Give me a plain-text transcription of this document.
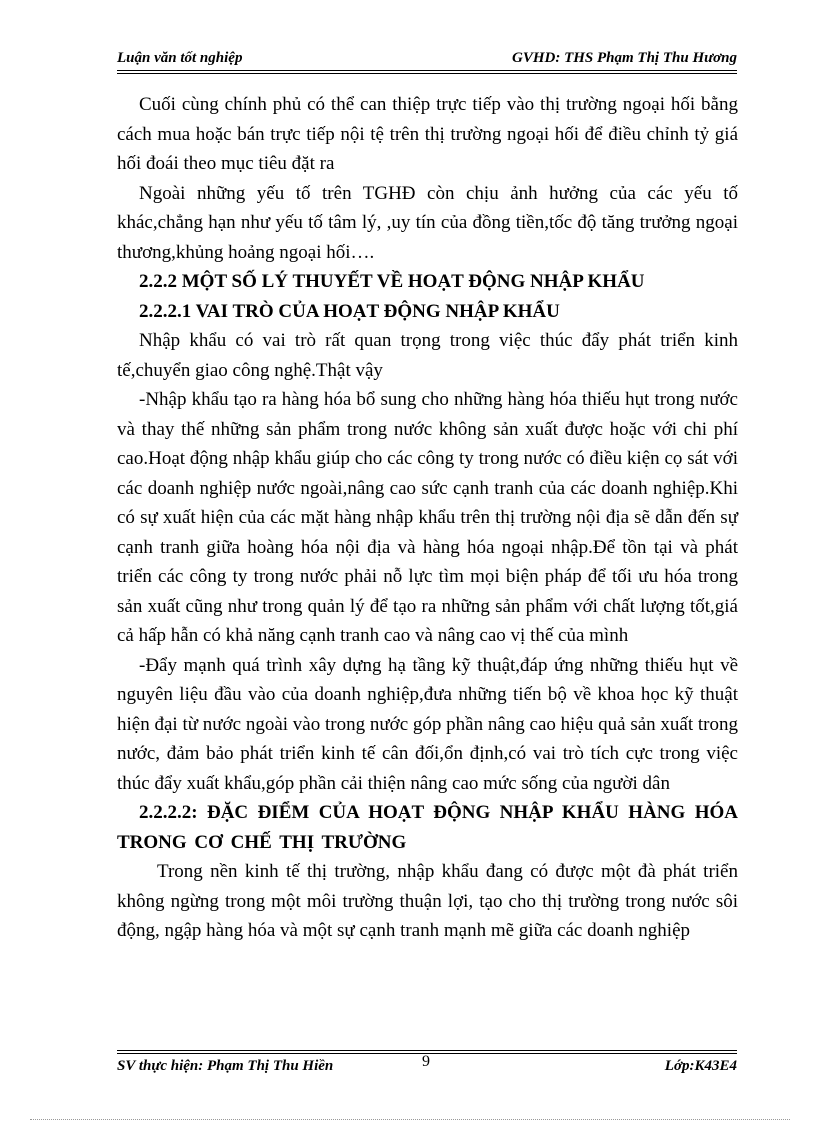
Luận văn tốt nghiệp	GVHD: THS Phạm Thị Thu Hương

Cuối cùng chính phủ có thể can thiệp trực tiếp vào thị trường ngoại hối bằng cách mua hoặc bán trực tiếp nội tệ trên thị trường ngoại hối để điều chỉnh tỷ giá hối đoái theo mục tiêu đặt ra

Ngoài những yếu tố trên TGHĐ còn chịu ảnh hưởng của các yếu tố khác,chẳng hạn như yếu tố tâm lý, ,uy tín của đồng tiền,tốc độ tăng trưởng ngoại thương,khủng hoảng ngoại hối….

2.2.2 MỘT SỐ LÝ THUYẾT VỀ HOẠT ĐỘNG NHẬP KHẨU

2.2.2.1 VAI TRÒ CỦA HOẠT ĐỘNG NHẬP KHẨU

Nhập khẩu có vai trò rất quan trọng trong việc thúc đẩy phát triển kinh tế,chuyển giao công nghệ.Thật vậy

-Nhập khẩu tạo ra hàng hóa bổ sung cho những hàng hóa thiếu hụt trong nước và thay thế những sản phẩm trong nước không sản xuất được hoặc với chi phí cao.Hoạt động nhập khẩu giúp cho các công ty trong nước có điều kiện cọ sát với các doanh nghiệp nước ngoài,nâng cao sức cạnh tranh của các doanh nghiệp.Khi có sự xuất hiện của các mặt hàng nhập khẩu trên thị trường nội địa sẽ dẫn đến sự cạnh tranh giữa hoàng hóa nội địa và hàng hóa ngoại nhập.Để tồn tại và phát triển các công ty trong nước phải nỗ lực tìm mọi biện pháp để tối ưu hóa trong sản xuất cũng như trong quản lý để tạo ra những sản phẩm với chất lượng tốt,giá cả hấp hẫn có khả năng cạnh tranh cao và nâng cao vị thế của mình

-Đẩy mạnh quá trình xây dựng hạ tầng kỹ thuật,đáp ứng những thiếu hụt về nguyên liệu đầu vào của doanh nghiệp,đưa những tiến bộ về khoa học kỹ thuật hiện đại từ nước ngoài vào trong nước góp phần nâng cao hiệu quả sản xuất trong nước, đảm bảo phát triển kinh tế cân đối,ổn định,có vai trò tích cực trong việc thúc đẩy xuất khẩu,góp phần cải thiện nâng cao mức sống của người dân

2.2.2.2: ĐẶC ĐIỂM CỦA HOẠT ĐỘNG NHẬP KHẨU HÀNG HÓA TRONG CƠ CHẾ THỊ TRƯỜNG

Trong nền kinh tế thị trường, nhập khẩu đang có được một đà phát triển không ngừng trong một môi trường thuận lợi, tạo cho thị trường trong nước sôi động, ngập hàng hóa và một sự cạnh tranh mạnh mẽ giữa các doanh nghiệp

SV thực hiện: Phạm Thị Thu Hiền	9	Lớp:K43E4
